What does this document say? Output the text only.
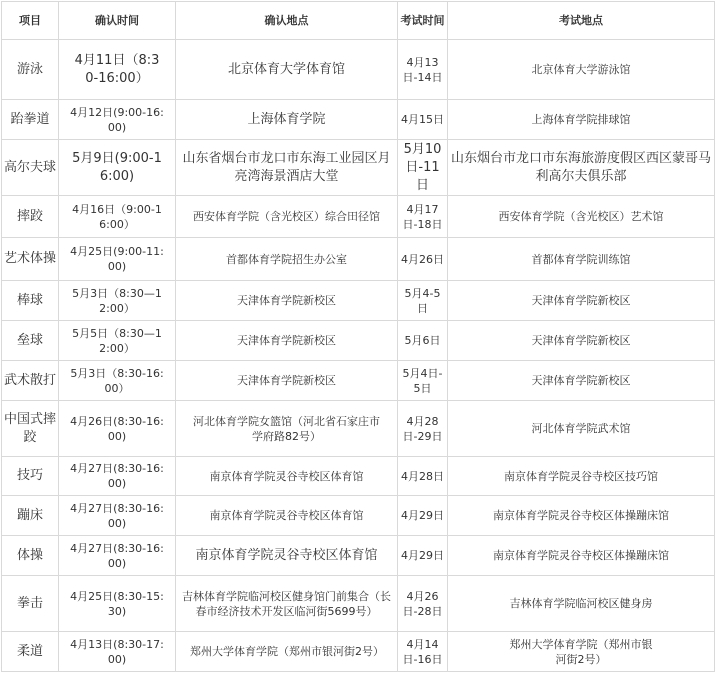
项目	确认时间	确认地点	考试时间	考试地点
游泳	4月11日（8:30-16:00）	北京体育大学体育馆	4月13日-14日	北京体育大学游泳馆
跆拳道	4月12日(9:00-16:00)	上海体育学院	4月15日	上海体育学院排球馆
高尔夫球	5月9日(9:00-16:00)	山东省烟台市龙口市东海工业园区月亮湾海景酒店大堂	5月10日-11日	山东烟台市龙口市东海旅游度假区西区蒙哥马利高尔夫俱乐部
摔跤	4月16日（9:00-16:00）	西安体育学院（含光校区）综合田径馆	4月17日-18日	西安体育学院（含光校区）艺术馆
艺术体操	4月25日(9:00-11:00)	首都体育学院招生办公室	4月26日	首都体育学院训练馆
棒球	5月3日（8:30—12:00）	天津体育学院新校区	5月4-5日	天津体育学院新校区
垒球	5月5日（8:30—12:00）	天津体育学院新校区	5月6日	天津体育学院新校区
武术散打	5月3日（8:30-16:00）	天津体育学院新校区	5月4日-5日	天津体育学院新校区
中国式摔跤	4月26日(8:30-16:00)	河北体育学院女篮馆（河北省石家庄市学府路82号）	4月28日-29日	河北体育学院武术馆
技巧	4月27日(8:30-16:00)	南京体育学院灵谷寺校区体育馆	4月28日	南京体育学院灵谷寺校区技巧馆
蹦床	4月27日(8:30-16:00)	南京体育学院灵谷寺校区体育馆	4月29日	南京体育学院灵谷寺校区体操蹦床馆
体操	4月27日(8:30-16:00)	南京体育学院灵谷寺校区体育馆	4月29日	南京体育学院灵谷寺校区体操蹦床馆
拳击	4月25日(8:30-15:30)	吉林体育学院临河校区健身馆门前集合（长春市经济技术开发区临河街5699号）	4月26日-28日	吉林体育学院临河校区健身房
柔道	4月13日(8:30-17:00)	郑州大学体育学院（郑州市银河街2号）	4月14日-16日	郑州大学体育学院（郑州市银河街2号）
